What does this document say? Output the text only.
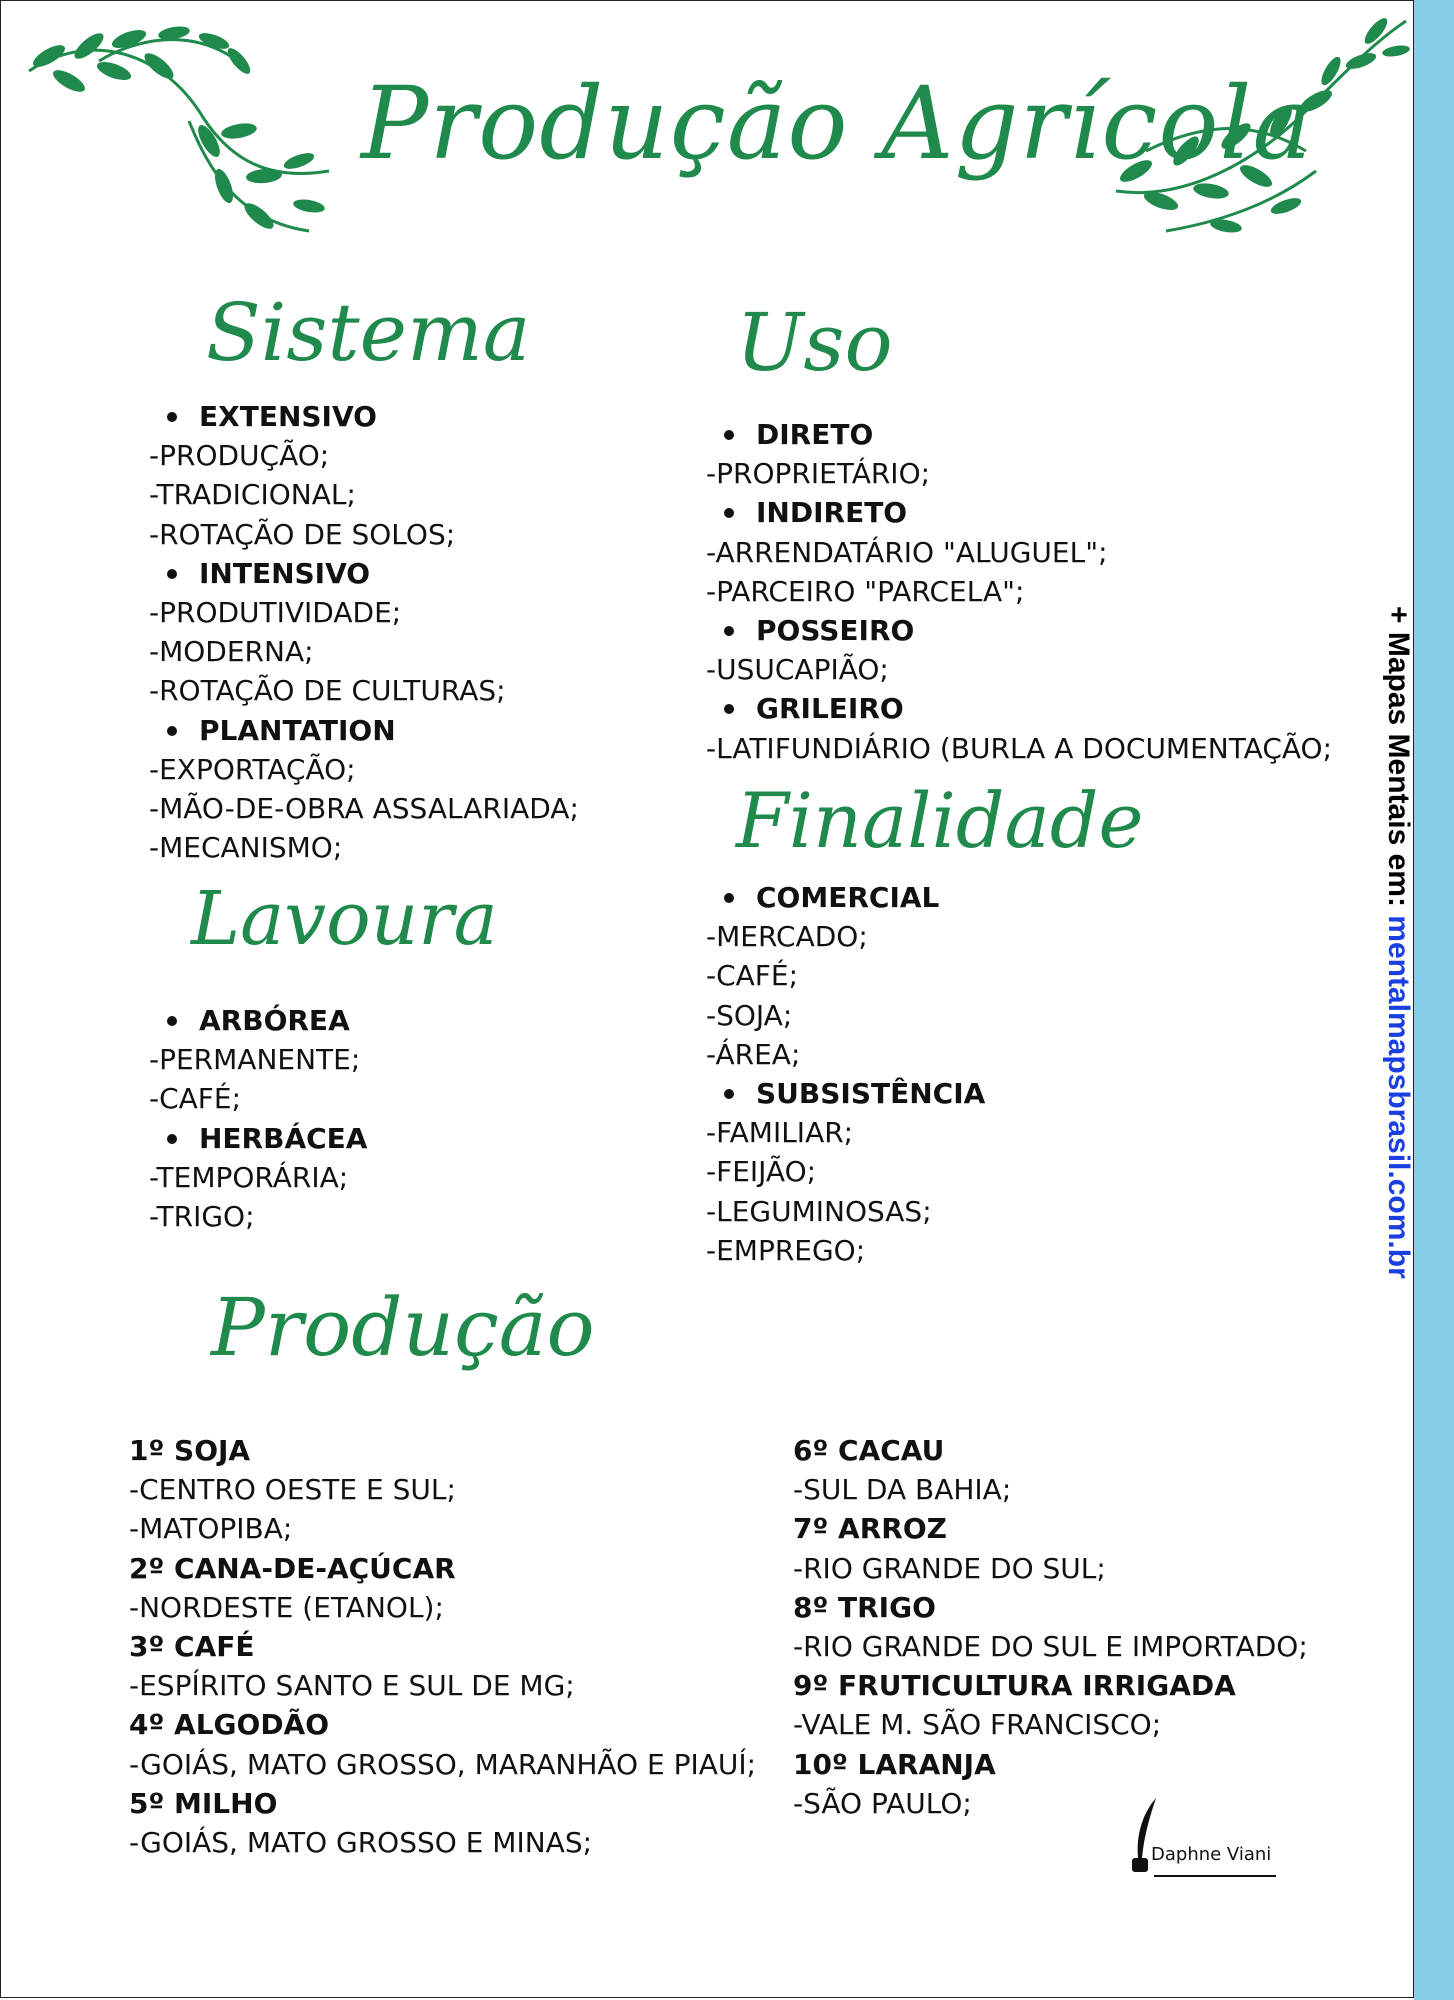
Produção Agrícola
Sistema
EXTENSIVO
-PRODUÇÃO;
-TRADICIONAL;
-ROTAÇÃO DE SOLOS;
INTENSIVO
-PRODUTIVIDADE;
-MODERNA;
-ROTAÇÃO DE CULTURAS;
PLANTATION
-EXPORTAÇÃO;
-MÃO-DE-OBRA ASSALARIADA;
-MECANISMO;
Uso
DIRETO
-PROPRIETÁRIO;
INDIRETO
-ARRENDATÁRIO "ALUGUEL";
-PARCEIRO "PARCELA";
POSSEIRO
-USUCAPIÃO;
GRILEIRO
-LATIFUNDIÁRIO (BURLA A DOCUMENTAÇÃO;
Lavoura
ARBÓREA
-PERMANENTE;
-CAFÉ;
HERBÁCEA
-TEMPORÁRIA;
-TRIGO;
Finalidade
COMERCIAL
-MERCADO;
-CAFÉ;
-SOJA;
-ÁREA;
SUBSISTÊNCIA
-FAMILIAR;
-FEIJÃO;
-LEGUMINOSAS;
-EMPREGO;
Produção
1º SOJA
-CENTRO OESTE E SUL;
-MATOPIBA;
2º CANA-DE-AÇÚCAR
-NORDESTE (ETANOL);
3º CAFÉ
-ESPÍRITO SANTO E SUL DE MG;
4º ALGODÃO
-GOIÁS, MATO GROSSO, MARANHÃO E PIAUÍ;
5º MILHO
-GOIÁS, MATO GROSSO E MINAS;
6º CACAU
-SUL DA BAHIA;
7º ARROZ
-RIO GRANDE DO SUL;
8º TRIGO
-RIO GRANDE DO SUL E IMPORTADO;
9º FRUTICULTURA IRRIGADA
-VALE M. SÃO FRANCISCO;
10º LARANJA
-SÃO PAULO;
Daphne Viani
+ Mapas Mentais em: mentalmapsbrasil.com.br
